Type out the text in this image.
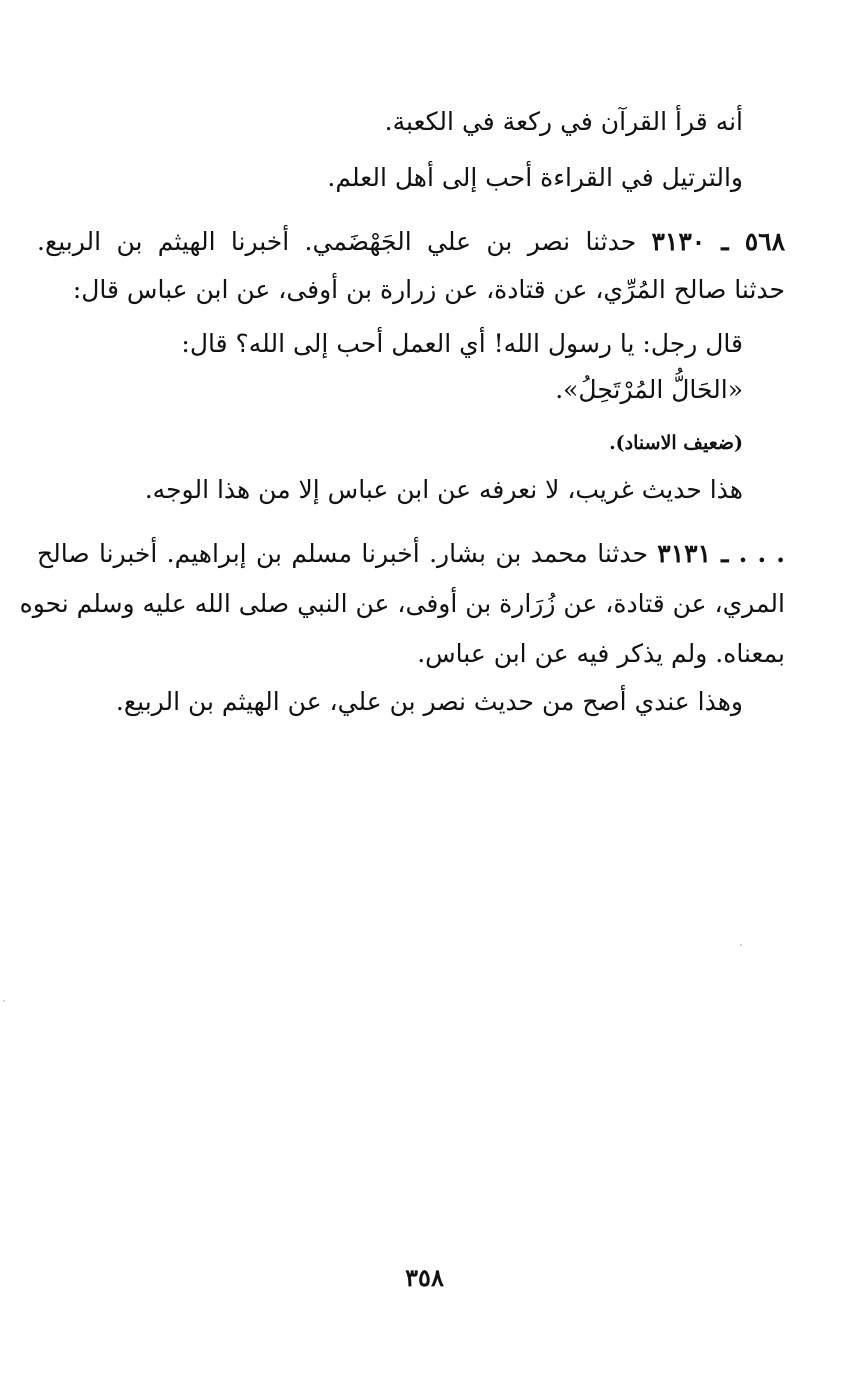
أنه قرأ القرآن في ركعة في الكعبة.
والترتيل في القراءة أحب إلى أهل العلم.
٥٦٨ ـ ٣١٣٠ حدثنا نصر بن علي الجَهْضَمي. أخبرنا الهيثم بن الربيع.
حدثنا صالح المُرِّي، عن قتادة، عن زرارة بن أوفى، عن ابن عباس قال:
قال رجل: يا رسول الله! أي العمل أحب إلى الله؟ قال:
«الحَالُّ المُرْتَحِلُ».
(ضعيف الاسناد).
هذا حديث غريب، لا نعرفه عن ابن عباس إلا من هذا الوجه.
. . . ـ ٣١٣١ حدثنا محمد بن بشار. أخبرنا مسلم بن إبراهيم. أخبرنا صالح
المري، عن قتادة، عن زُرَارة بن أوفى، عن النبي صلى الله عليه وسلم نحوه
بمعناه. ولم يذكر فيه عن ابن عباس.
وهذا عندي أصح من حديث نصر بن علي، عن الهيثم بن الربيع.
٣٥٨
